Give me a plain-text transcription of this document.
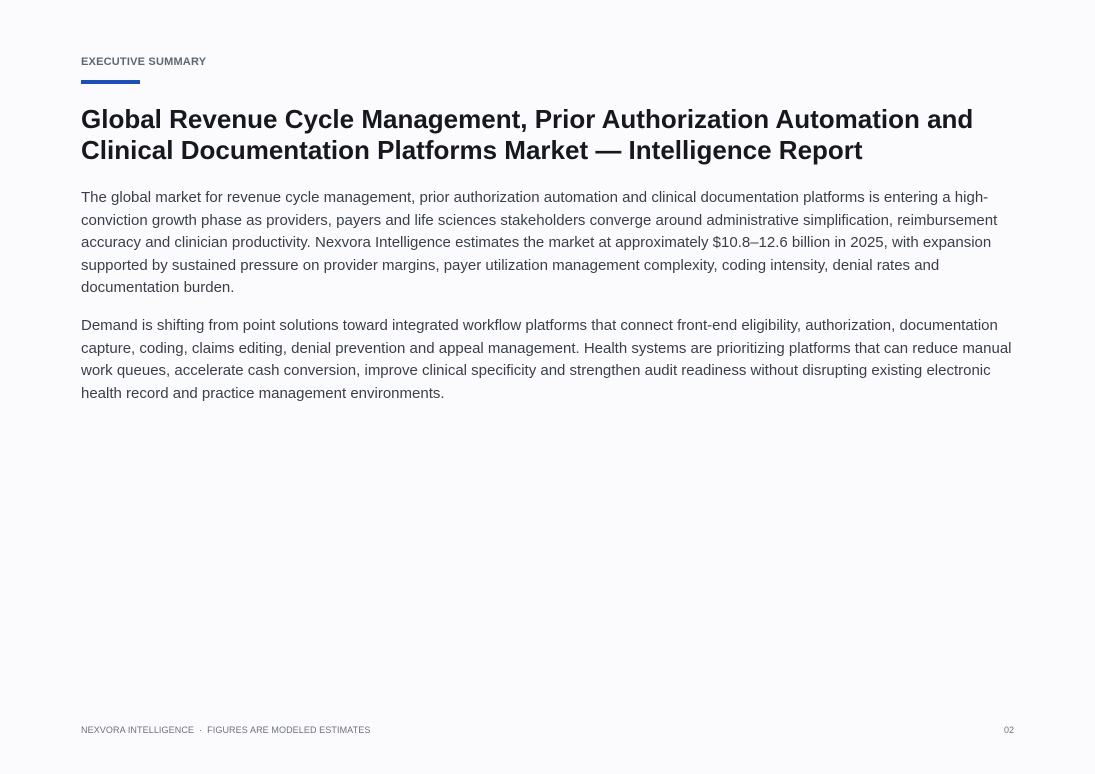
EXECUTIVE SUMMARY
Global Revenue Cycle Management, Prior Authorization Automation and Clinical Documentation Platforms Market — Intelligence Report

The global market for revenue cycle management, prior authorization automation and clinical documentation platforms is entering a high-conviction growth phase as providers, payers and life sciences stakeholders converge around administrative simplification, reimbursement accuracy and clinician productivity. Nexvora Intelligence estimates the market at approximately $10.8–12.6 billion in 2025, with expansion supported by sustained pressure on provider margins, payer utilization management complexity, coding intensity, denial rates and documentation burden.

Demand is shifting from point solutions toward integrated workflow platforms that connect front-end eligibility, authorization, documentation capture, coding, claims editing, denial prevention and appeal management. Health systems are prioritizing platforms that can reduce manual work queues, accelerate cash conversion, improve clinical specificity and strengthen audit readiness without disrupting existing electronic health record and practice management environments.

NEXVORA INTELLIGENCE · FIGURES ARE MODELED ESTIMATES	02
